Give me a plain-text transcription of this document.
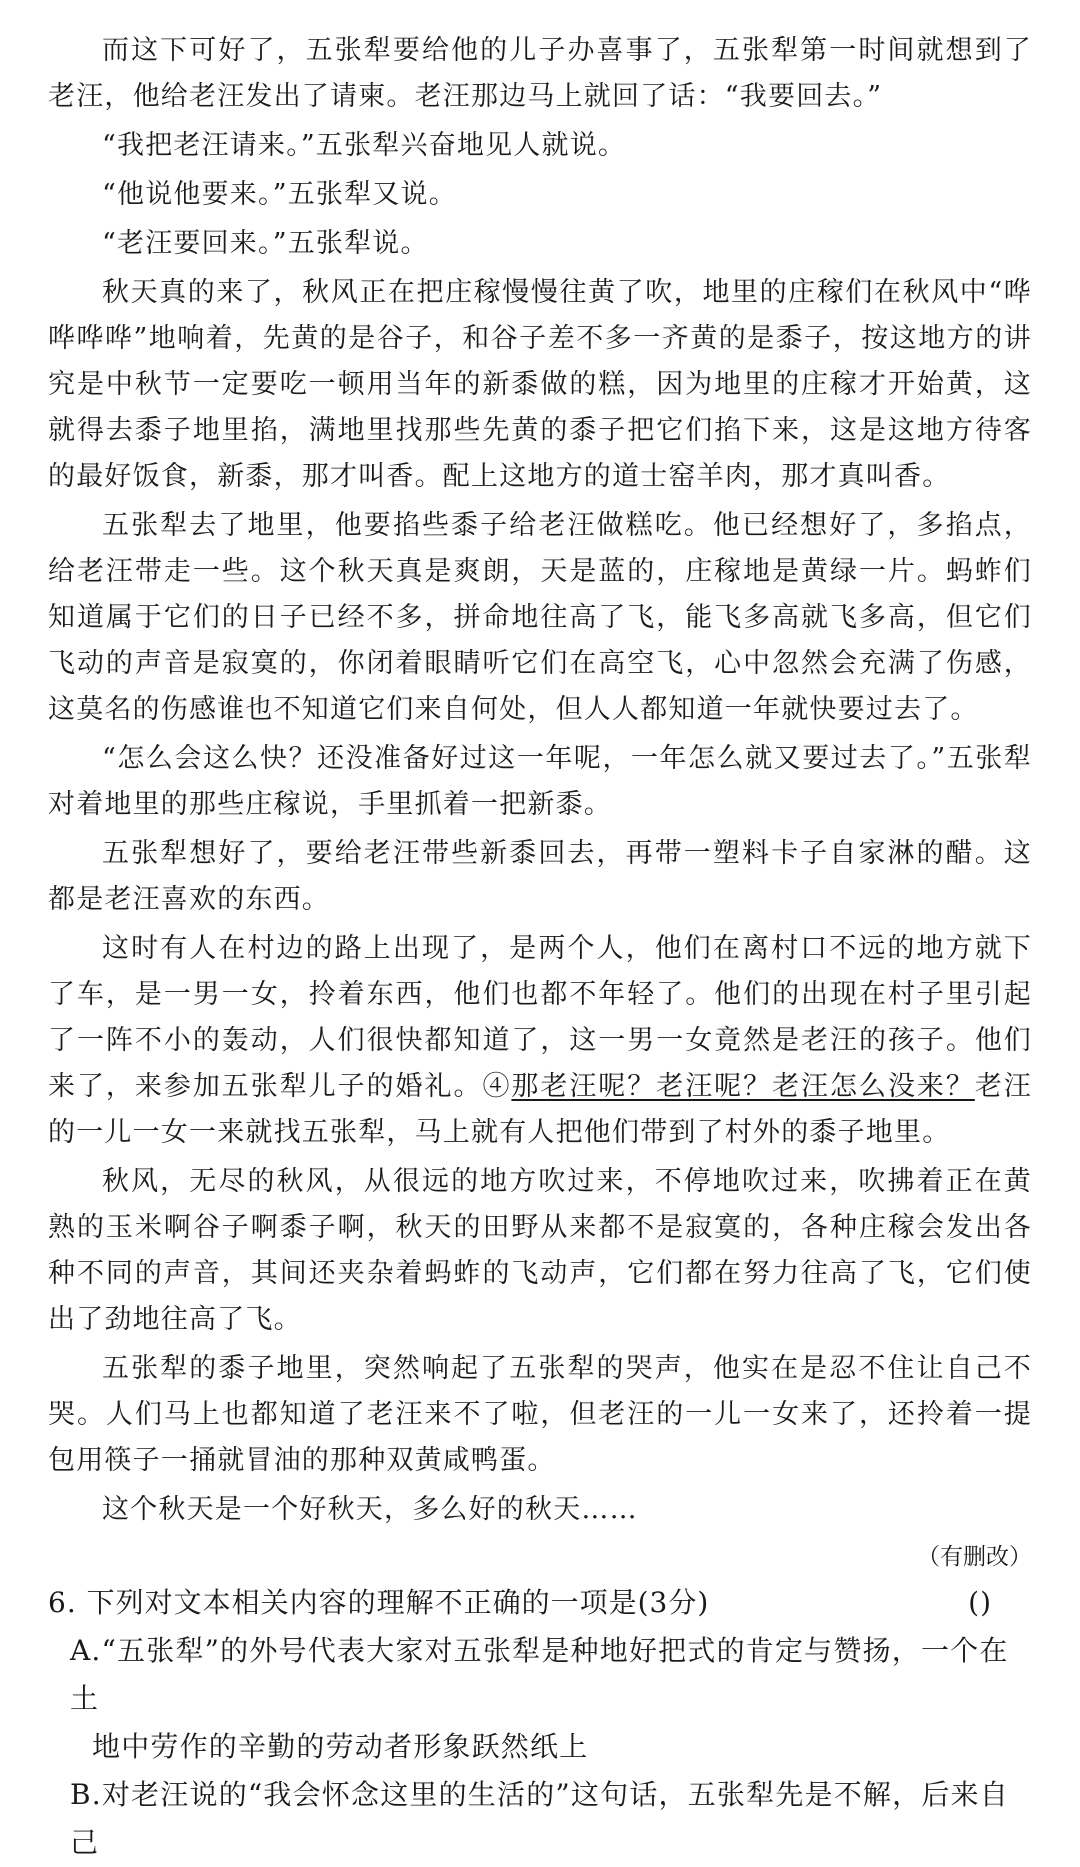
而这下可好了，五张犁要给他的儿子办喜事了，五张犁第一时间就想到了老汪，他给老汪发出了请柬。老汪那边马上就回了话：“我要回去。”

“我把老汪请来。”五张犁兴奋地见人就说。

“他说他要来。”五张犁又说。

“老汪要回来。”五张犁说。

秋天真的来了，秋风正在把庄稼慢慢往黄了吹，地里的庄稼们在秋风中“哗哗哗哗”地响着，先黄的是谷子，和谷子差不多一齐黄的是黍子，按这地方的讲究是中秋节一定要吃一顿用当年的新黍做的糕，因为地里的庄稼才开始黄，这就得去黍子地里掐，满地里找那些先黄的黍子把它们掐下来，这是这地方待客的最好饭食，新黍，那才叫香。配上这地方的道士窑羊肉，那才真叫香。

五张犁去了地里，他要掐些黍子给老汪做糕吃。他已经想好了，多掐点，给老汪带走一些。这个秋天真是爽朗，天是蓝的，庄稼地是黄绿一片。蚂蚱们知道属于它们的日子已经不多，拼命地往高了飞，能飞多高就飞多高，但它们飞动的声音是寂寞的，你闭着眼睛听它们在高空飞，心中忽然会充满了伤感，这莫名的伤感谁也不知道它们来自何处，但人人都知道一年就快要过去了。

“怎么会这么快？还没准备好过这一年呢，一年怎么就又要过去了。”五张犁对着地里的那些庄稼说，手里抓着一把新黍。

五张犁想好了，要给老汪带些新黍回去，再带一塑料卡子自家淋的醋。这都是老汪喜欢的东西。

这时有人在村边的路上出现了，是两个人，他们在离村口不远的地方就下了车，是一男一女，拎着东西，他们也都不年轻了。他们的出现在村子里引起了一阵不小的轰动，人们很快都知道了，这一男一女竟然是老汪的孩子。他们来了，来参加五张犁儿子的婚礼。④那老汪呢？老汪呢？老汪怎么没来？老汪的一儿一女一来就找五张犁，马上就有人把他们带到了村外的黍子地里。

秋风，无尽的秋风，从很远的地方吹过来，不停地吹过来，吹拂着正在黄熟的玉米啊谷子啊黍子啊，秋天的田野从来都不是寂寞的，各种庄稼会发出各种不同的声音，其间还夹杂着蚂蚱的飞动声，它们都在努力往高了飞，它们使出了劲地往高了飞。

五张犁的黍子地里，突然响起了五张犁的哭声，他实在是忍不住让自己不哭。人们马上也都知道了老汪来不了啦，但老汪的一儿一女来了，还拎着一提包用筷子一捅就冒油的那种双黄咸鸭蛋。

这个秋天是一个好秋天，多么好的秋天……

（有删改）
6. 下列对文本相关内容的理解不正确的一项是(3分)	()
A.“五张犁”的外号代表大家对五张犁是种地好把式的肯定与赞扬，一个在土
地中劳作的辛勤的劳动者形象跃然纸上
B.对老汪说的“我会怀念这里的生活的”这句话，五张犁先是不解，后来自己
